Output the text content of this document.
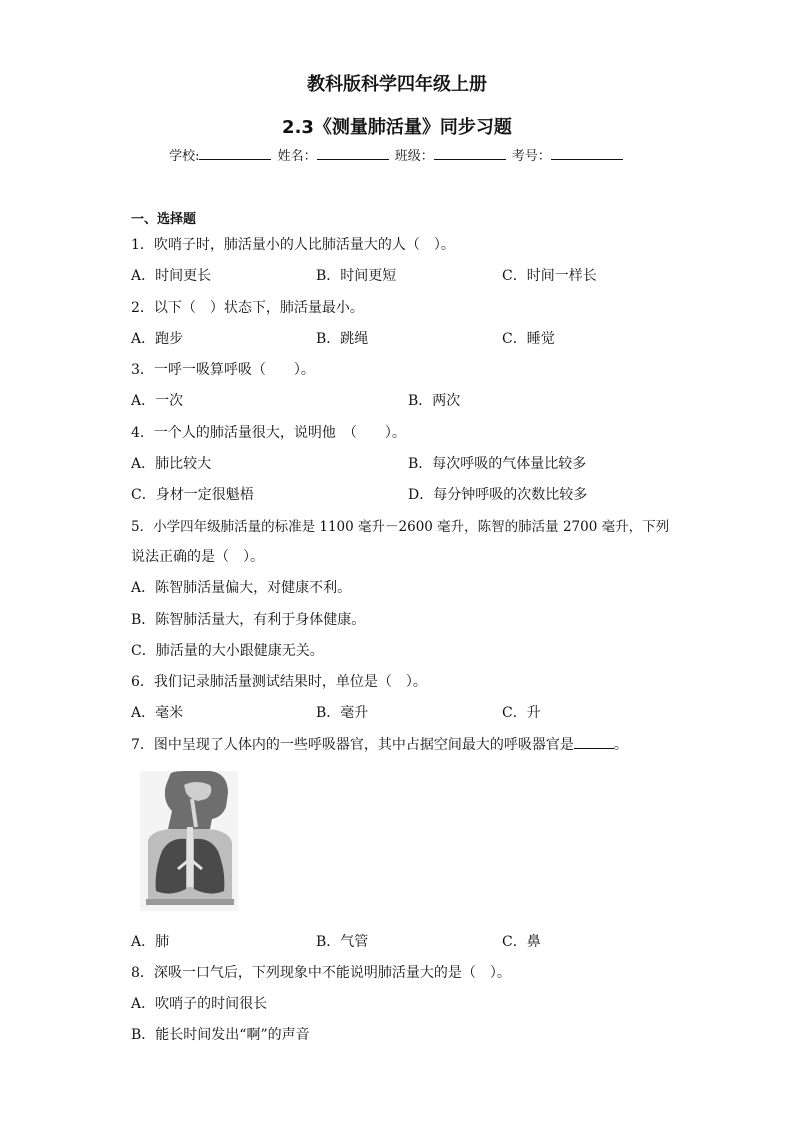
教科版科学四年级上册
2.3《测量肺活量》同步习题
学校:	姓名：	班级：	考号：
一、选择题
1．吹哨子时，肺活量小的人比肺活量大的人（　）。
A．时间更长	B．时间更短	C．时间一样长
2．以下（　）状态下，肺活量最小。
A．跑步	B．跳绳	C．睡觉
3．一呼一吸算呼吸（　　）。
A．一次	B．两次
4．一个人的肺活量很大，说明他　（　　）。
A．肺比较大	B．每次呼吸的气体量比较多
C．身材一定很魁梧	D．每分钟呼吸的次数比较多
5．小学四年级肺活量的标准是 1100 毫升－2600 毫升，陈智的肺活量 2700 毫升，下列
说法正确的是（　）。
A．陈智肺活量偏大，对健康不利。
B．陈智肺活量大，有利于身体健康。
C．肺活量的大小跟健康无关。
6．我们记录肺活量测试结果时，单位是（　）。
A．毫米	B．毫升	C．升
7．图中呈现了人体内的一些呼吸器官，其中占据空间最大的呼吸器官是	。
A．肺	B．气管	C．鼻
8．深吸一口气后，下列现象中不能说明肺活量大的是（　）。
A．吹哨子的时间很长
B．能长时间发出“啊”的声音
